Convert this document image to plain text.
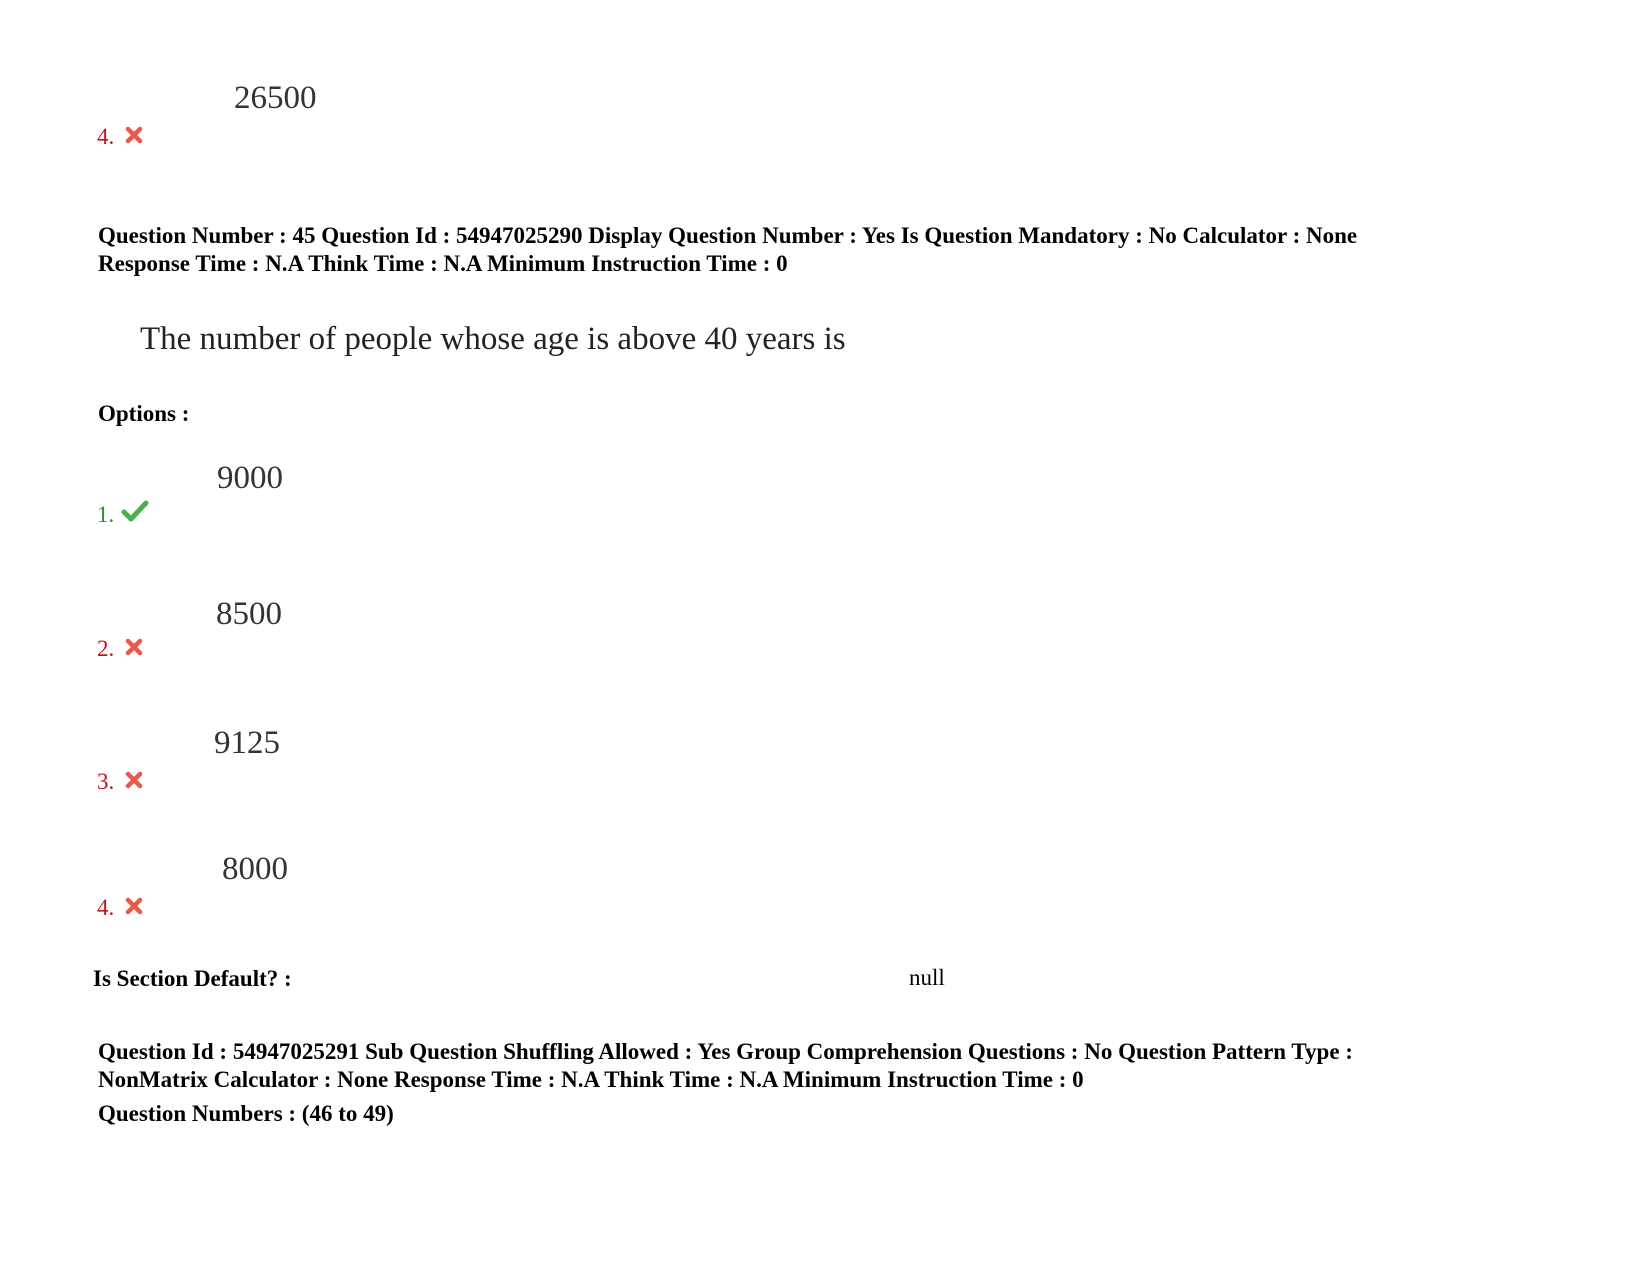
26500
4.
Question Number : 45 Question Id : 54947025290 Display Question Number : Yes Is Question Mandatory : No Calculator : None
Response Time : N.A Think Time : N.A Minimum Instruction Time : 0
The number of people whose age is above 40 years is
Options :
9000
1.
8500
2.
9125
3.
8000
4.
Is Section Default? :	null
Question Id : 54947025291 Sub Question Shuffling Allowed : Yes Group Comprehension Questions : No Question Pattern Type :
NonMatrix Calculator : None Response Time : N.A Think Time : N.A Minimum Instruction Time : 0
Question Numbers : (46 to 49)
